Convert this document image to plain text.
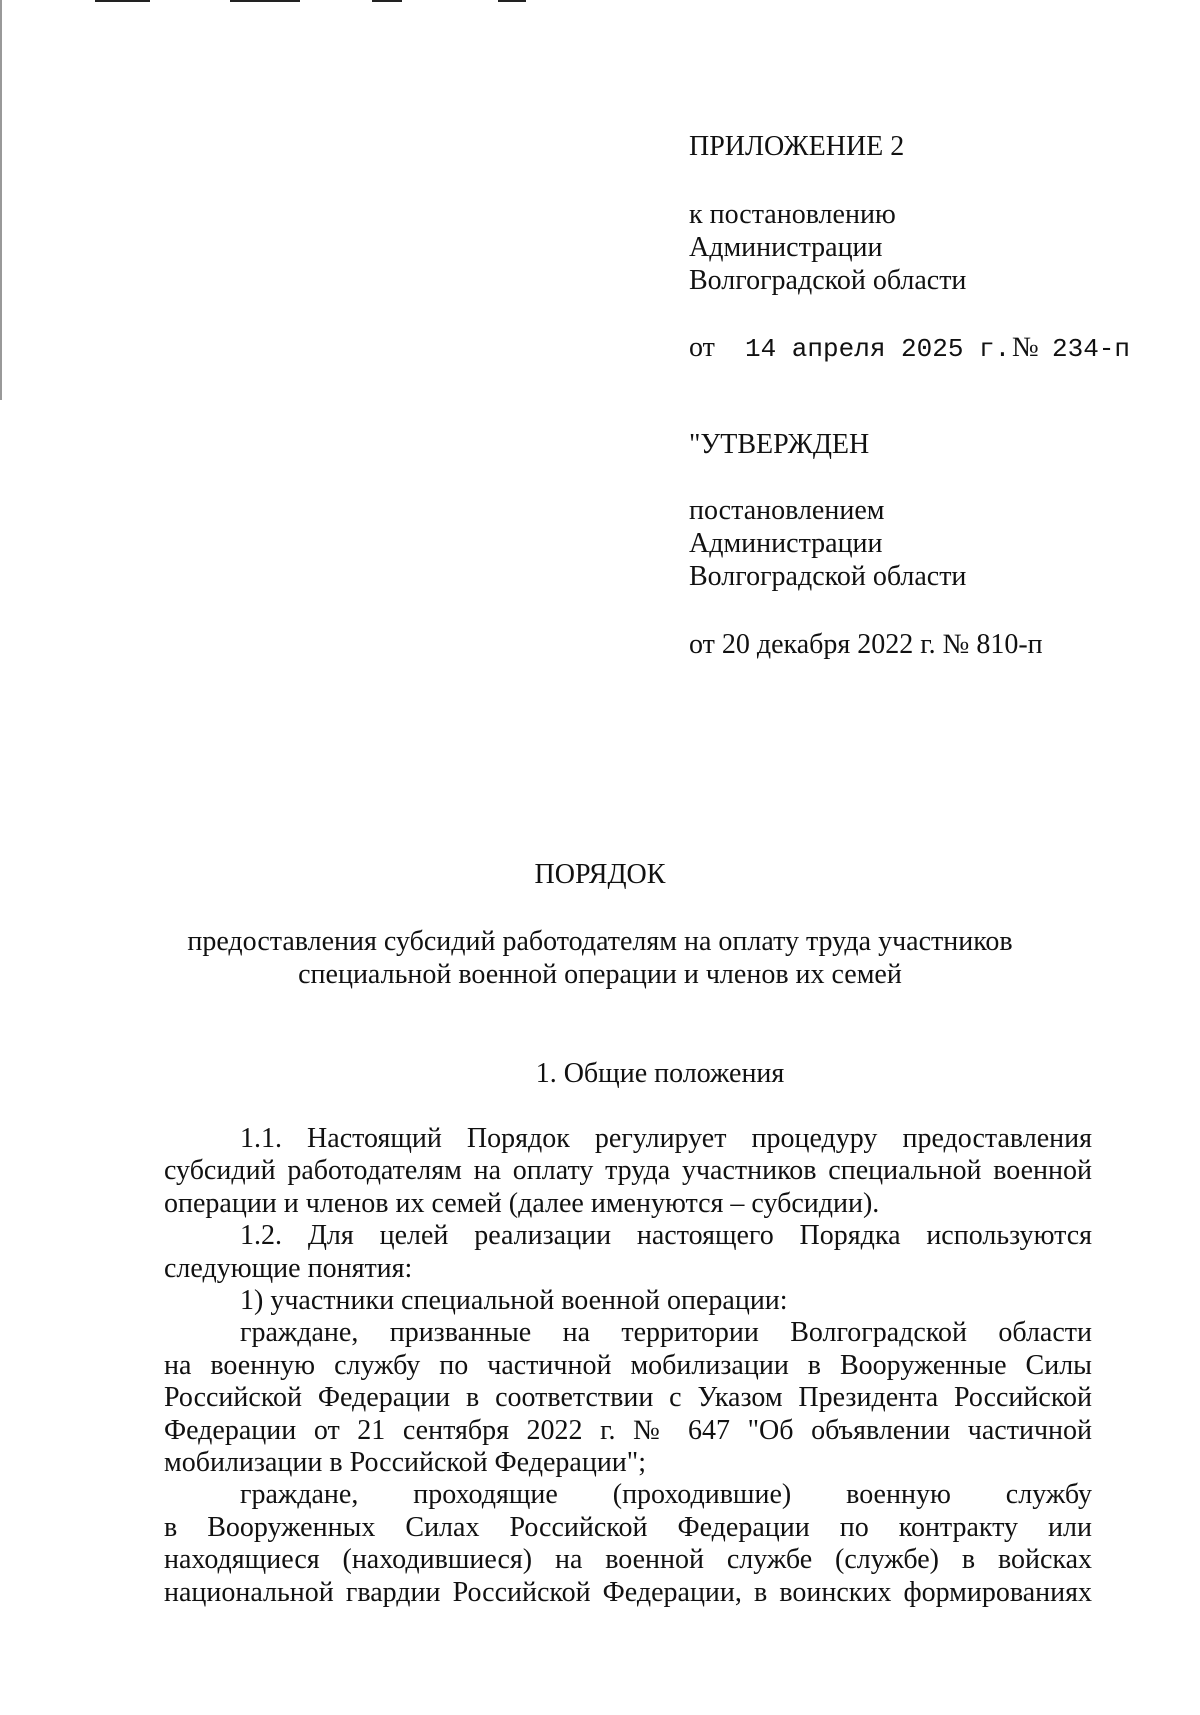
ПРИЛОЖЕНИЕ 2
к постановлению
Администрации
Волгоградской области
от 14 апреля 2025 г. № 234-п
"УТВЕРЖДЕН
постановлением
Администрации
Волгоградской области
от 20 декабря 2022 г. № 810-п
ПОРЯДОК
предоставления субсидий работодателям на оплату труда участников
специальной военной операции и членов их семей
1. Общие положения
1.1. Настоящий Порядок регулирует процедуру предоставления
субсидий работодателям на оплату труда участников специальной военной
операции и членов их семей (далее именуются – субсидии).
1.2. Для целей реализации настоящего Порядка используются
следующие понятия:
1) участники специальной военной операции:
граждане, призванные на территории Волгоградской области
на военную службу по частичной мобилизации в Вооруженные Силы
Российской Федерации в соответствии с Указом Президента Российской
Федерации от 21 сентября 2022 г. № 647 "Об объявлении частичной
мобилизации в Российской Федерации";
граждане, проходящие (проходившие) военную службу
в Вооруженных Силах Российской Федерации по контракту или
находящиеся (находившиеся) на военной службе (службе) в войсках
национальной гвардии Российской Федерации, в воинских формированиях
